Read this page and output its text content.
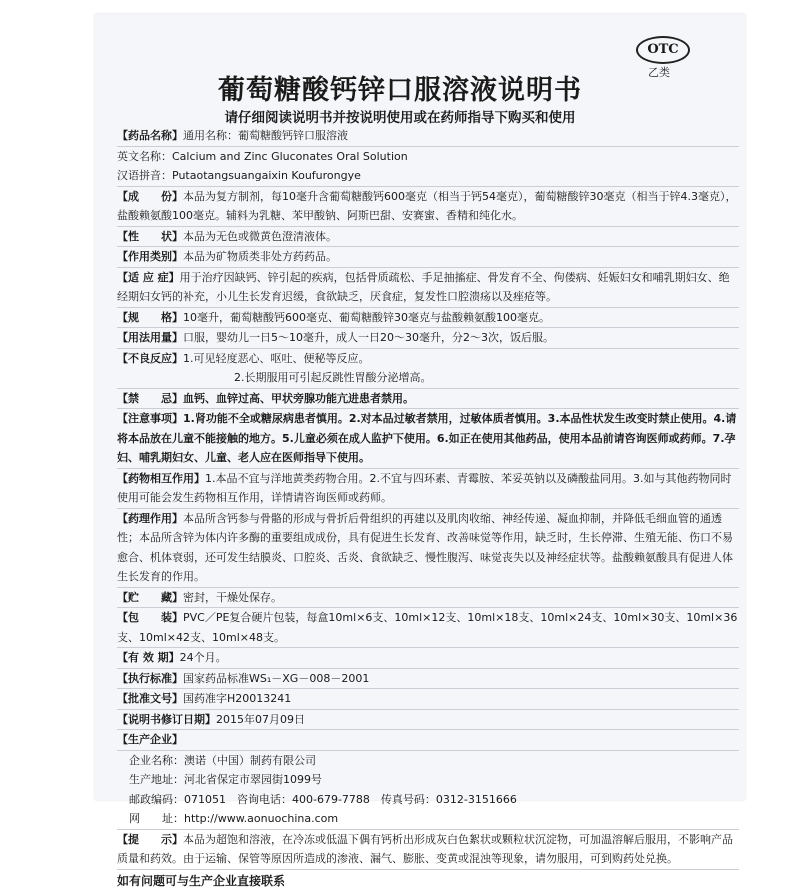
OTC
乙类
葡萄糖酸钙锌口服溶液说明书
请仔细阅读说明书并按说明使用或在药师指导下购买和使用
【药品名称】通用名称：葡萄糖酸钙锌口服溶液
英文名称：Calcium and Zinc Gluconates Oral Solution
汉语拼音：Putaotangsuangaixin Koufurongye
【成　　份】本品为复方制剂，每10毫升含葡萄糖酸钙600毫克（相当于钙54毫克），葡萄糖酸锌30毫克（相当于锌4.3毫克），盐酸赖氨酸100毫克。辅料为乳糖、苯甲酸钠、阿斯巴甜、安赛蜜、香精和纯化水。
【性　　状】本品为无色或微黄色澄清液体。
【作用类别】本品为矿物质类非处方药药品。
【适 应 症】用于治疗因缺钙、锌引起的疾病，包括骨质疏松、手足抽搐症、骨发育不全、佝偻病、妊娠妇女和哺乳期妇女、绝经期妇女钙的补充，小儿生长发育迟缓，食欲缺乏，厌食症，复发性口腔溃疡以及痤疮等。
【规　　格】10毫升，葡萄糖酸钙600毫克、葡萄糖酸锌30毫克与盐酸赖氨酸100毫克。
【用法用量】口服，婴幼儿一日5～10毫升，成人一日20～30毫升，分2～3次，饭后服。
【不良反应】1.可见轻度恶心、呕吐、便秘等反应。
2.长期服用可引起反跳性胃酸分泌增高。
【禁　　忌】血钙、血锌过高、甲状旁腺功能亢进患者禁用。
【注意事项】1.肾功能不全或糖尿病患者慎用。2.对本品过敏者禁用，过敏体质者慎用。3.本品性状发生改变时禁止使用。4.请将本品放在儿童不能接触的地方。5.儿童必须在成人监护下使用。6.如正在使用其他药品，使用本品前请咨询医师或药师。7.孕妇、哺乳期妇女、儿童、老人应在医师指导下使用。
【药物相互作用】1.本品不宜与洋地黄类药物合用。2.不宜与四环素、青霉胺、苯妥英钠以及磷酸盐同用。3.如与其他药物同时使用可能会发生药物相互作用，详情请咨询医师或药师。
【药理作用】本品所含钙参与骨骼的形成与骨折后骨组织的再建以及肌肉收缩、神经传递、凝血抑制，并降低毛细血管的通透性；本品所含锌为体内许多酶的重要组成成份，具有促进生长发育、改善味觉等作用，缺乏时，生长停滞、生殖无能、伤口不易愈合、机体衰弱，还可发生结膜炎、口腔炎、舌炎、食欲缺乏、慢性腹泻、味觉丧失以及神经症状等。盐酸赖氨酸具有促进人体生长发育的作用。
【贮　　藏】密封，干燥处保存。
【包　　装】PVC／PE复合硬片包装，每盒10ml×6支、10ml×12支、10ml×18支、10ml×24支、10ml×30支、10ml×36支、10ml×42支、10ml×48支。
【有 效 期】24个月。
【执行标准】国家药品标准WS₁－XG－008－2001
【批准文号】国药准字H20013241
【说明书修订日期】2015年07月09日
【生产企业】
企业名称：澳诺（中国）制药有限公司
生产地址：河北省保定市翠园街1099号
邮政编码：071051　咨询电话：400-679-7788　传真号码：0312-3151666
网　　址：http://www.aonuochina.com
【提　　示】本品为超饱和溶液，在冷冻或低温下偶有钙析出形成灰白色絮状或颗粒状沉淀物，可加温溶解后服用，不影响产品质量和药效。由于运输、保管等原因所造成的渗液、漏气、膨胀、变黄或混浊等现象，请勿服用，可到购药处兑换。
如有问题可与生产企业直接联系
